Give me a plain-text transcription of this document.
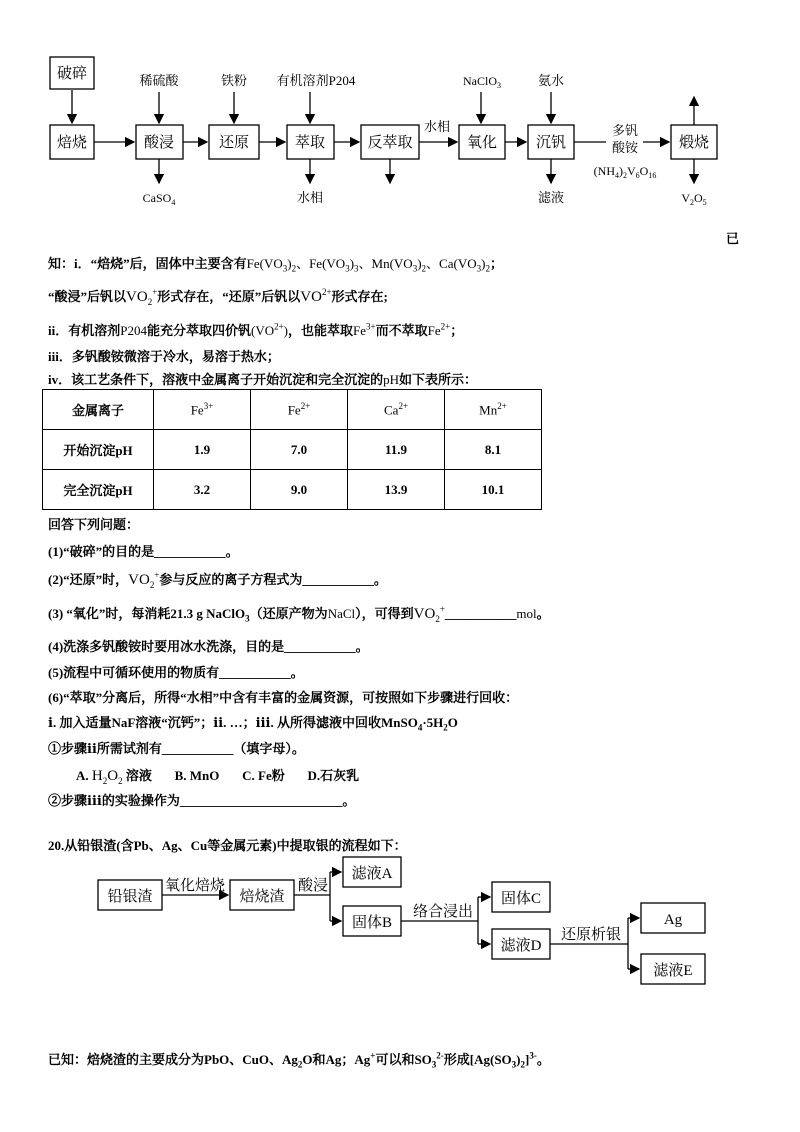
破碎
焙烧	酸浸	还原	萃取	反萃取	氧化	沉钒	煅烧
稀硫酸	铁粉 有机溶剂P204	NaClO$_3$	氨水
CaSO$_4$	水相
水相
滤液
多钒
酸铵
$(NH_4)_2V_6O_{16}$
$V_2O_5$
已
知：i．“焙烧”后，固体中主要含有$Fe(VO_3)_2$、$Fe(VO_3)_3$、$Mn(VO_3)_2$、$Ca(VO_3)_2$；
“酸浸”后钒以$VO_2^+$形式存在，“还原”后钒以$VO^{2+}$形式存在;
ii．有机溶剂P204能充分萃取四价钒$(VO^{2+})$，也能萃取$Fe^{3+}$而不萃取$Fe^{2+}$；
iii．多钒酸铵微溶于冷水，易溶于热水；
iv．该工艺条件下，溶液中金属离子开始沉淀和完全沉淀的pH如下表所示：
金属离子	$Fe^{3+}$	$Fe^{2+}$	$Ca^{2+}$	$Mn^{2+}$
开始沉淀pH	1.9	7.0	11.9	8.1
完全沉淀pH	3.2	9.0	13.9	10.1
回答下列问题：
(1)“破碎”的目的是___________。
(2)“还原”时，$VO_2^+$参与反应的离子方程式为___________。
(3) “氧化”时，每消耗21.3 g NaClO$_3$（还原产物为NaCl），可得到$VO_2^+\_\_\_\_\_\_\_\_\_\_\_mol$。
(4)洗涤多钒酸铵时要用冰水洗涤，目的是___________。
(5)流程中可循环使用的物质有___________。
(6)“萃取”分离后，所得“水相”中含有丰富的金属资源，可按照如下步骤进行回收：
ⅰ. 加入适量NaF溶液“沉钙”；ⅱ. …；ⅲ. 从所得滤液中回收$MnSO_4\cdot 5H_2O$
①步骤ⅱ所需试剂有___________（填字母）。
A. $H_2O_2$ 溶液       B. MnO       C. Fe粉       D.石灰乳
②步骤ⅲ的实验操作为_________________________。
20.从铅银渣(含Pb、Ag、Cu等金属元素)中提取银的流程如下：
铅银渣	焙烧渣
滤液A
固体B
固体C
滤液D
Ag
滤液E
氧化焙烧	酸浸
络合浸出
还原析银
已知：焙烧渣的主要成分为PbO、CuO、$Ag_2O$和Ag；Ag+可以和$SO_3^{2-}$形成$[Ag(SO_3)_2]^{3-}$。
